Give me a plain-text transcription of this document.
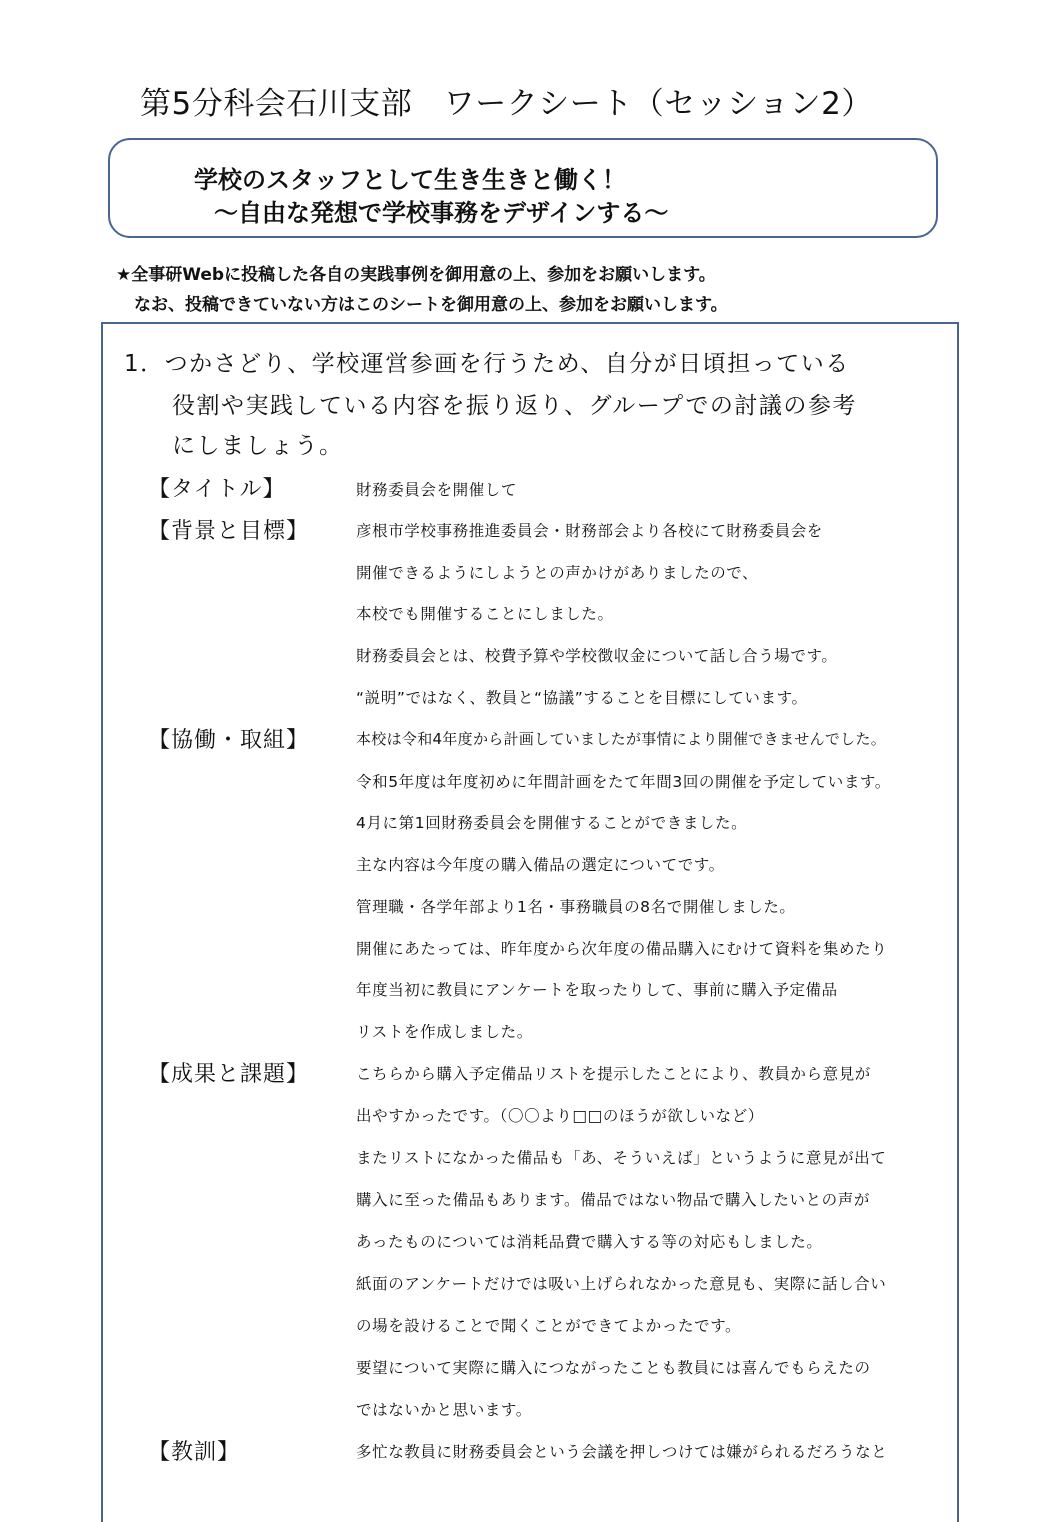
第5分科会石川支部　ワークシート（セッション2）
学校のスタッフとして生き生きと働く！
～自由な発想で学校事務をデザインする～
★全事研Webに投稿した各自の実践事例を御用意の上、参加をお願いします。
なお、投稿できていない方はこのシートを御用意の上、参加をお願いします。
1．つかさどり、学校運営参画を行うため、自分が日頃担っている
役割や実践している内容を振り返り、グループでの討議の参考
にしましょう。
【タイトル】	財務委員会を開催して
【背景と目標】	彦根市学校事務推進委員会・財務部会より各校にて財務委員会を
開催できるようにしようとの声かけがありましたので、
本校でも開催することにしました。
財務委員会とは、校費予算や学校徴収金について話し合う場です。
“説明”ではなく、教員と“協議”することを目標にしています。
【協働・取組】	本校は令和4年度から計画していましたが事情により開催できませんでした。
令和5年度は年度初めに年間計画をたて年間3回の開催を予定しています。
4月に第1回財務委員会を開催することができました。
主な内容は今年度の購入備品の選定についてです。
管理職・各学年部より1名・事務職員の8名で開催しました。
開催にあたっては、昨年度から次年度の備品購入にむけて資料を集めたり
年度当初に教員にアンケートを取ったりして、事前に購入予定備品
リストを作成しました。
【成果と課題】	こちらから購入予定備品リストを提示したことにより、教員から意見が
出やすかったです。（〇〇より□□のほうが欲しいなど）
またリストになかった備品も「あ、そういえば」というように意見が出て
購入に至った備品もあります。備品ではない物品で購入したいとの声が
あったものについては消耗品費で購入する等の対応もしました。
紙面のアンケートだけでは吸い上げられなかった意見も、実際に話し合い
の場を設けることで聞くことができてよかったです。
要望について実際に購入につながったことも教員には喜んでもらえたの
ではないかと思います。
【教訓】	多忙な教員に財務委員会という会議を押しつけては嫌がられるだろうなと
